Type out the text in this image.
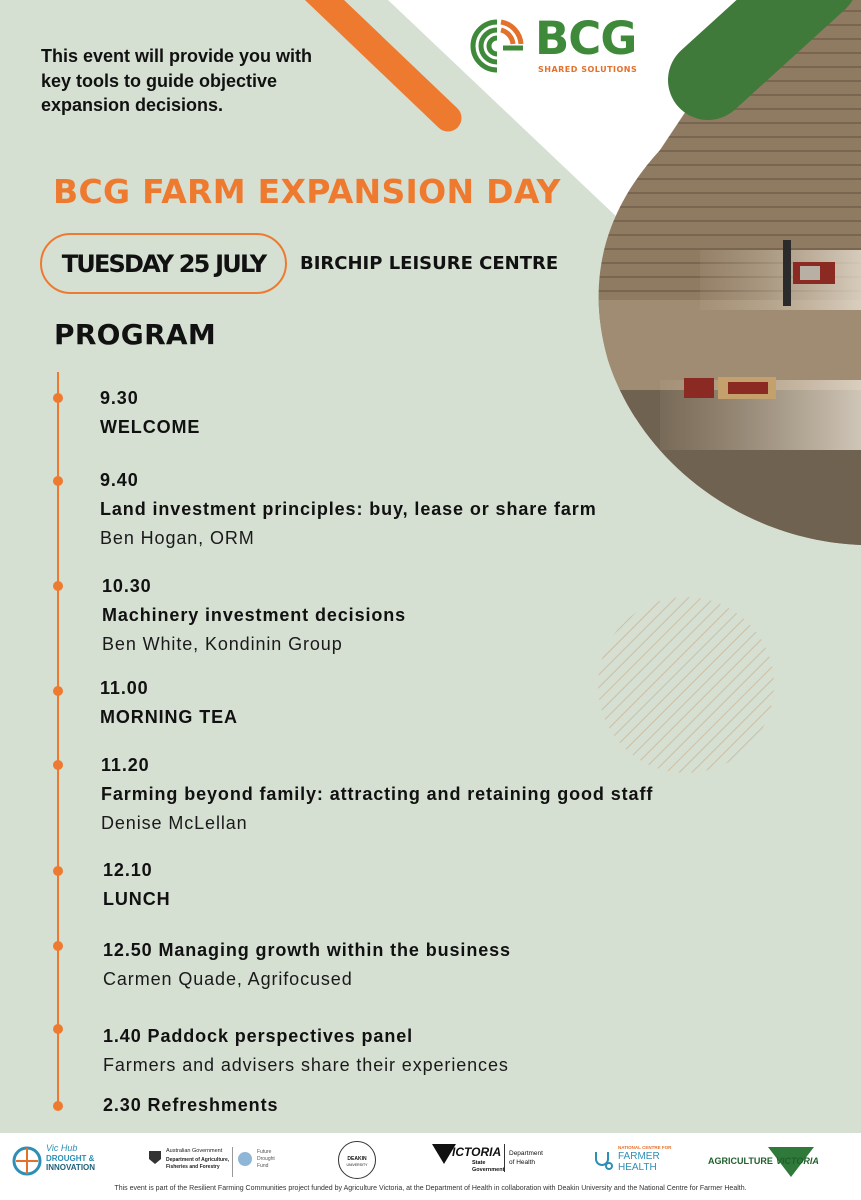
This event will provide you with key tools to guide objective expansion decisions.
BCG
SHARED SOLUTIONS
BCG FARM EXPANSION DAY
TUESDAY 25 JULY	BIRCHIP LEISURE CENTRE
PROGRAM
9.30
WELCOME
9.40
Land investment principles: buy, lease or share farm
Ben Hogan, ORM
10.30
Machinery investment decisions
Ben White, Kondinin Group
11.00
MORNING TEA
11.20
Farming beyond family: attracting and retaining good staff
Denise McLellan
12.10
LUNCH
12.50 Managing growth within the business
Carmen Quade, Agrifocused
1.40 Paddock perspectives panel
Farmers and advisers share their experiences
2.30 Refreshments
Vic Hub
DROUGHT &
INNOVATION
Australian Government
Department of Agriculture,
Fisheries and Forestry
Future
Drought
Fund
DEAKIN
UNIVERSITY
VICTORIA
State
Government
Department
of Health
NATIONAL CENTRE FOR
FARMER
HEALTH
AGRICULTURE VICTORIA
This event is part of the Resilient Farming Communities project funded by Agriculture Victoria, at the Department of Health in collaboration with Deakin University and the National Centre for Farmer Health.
